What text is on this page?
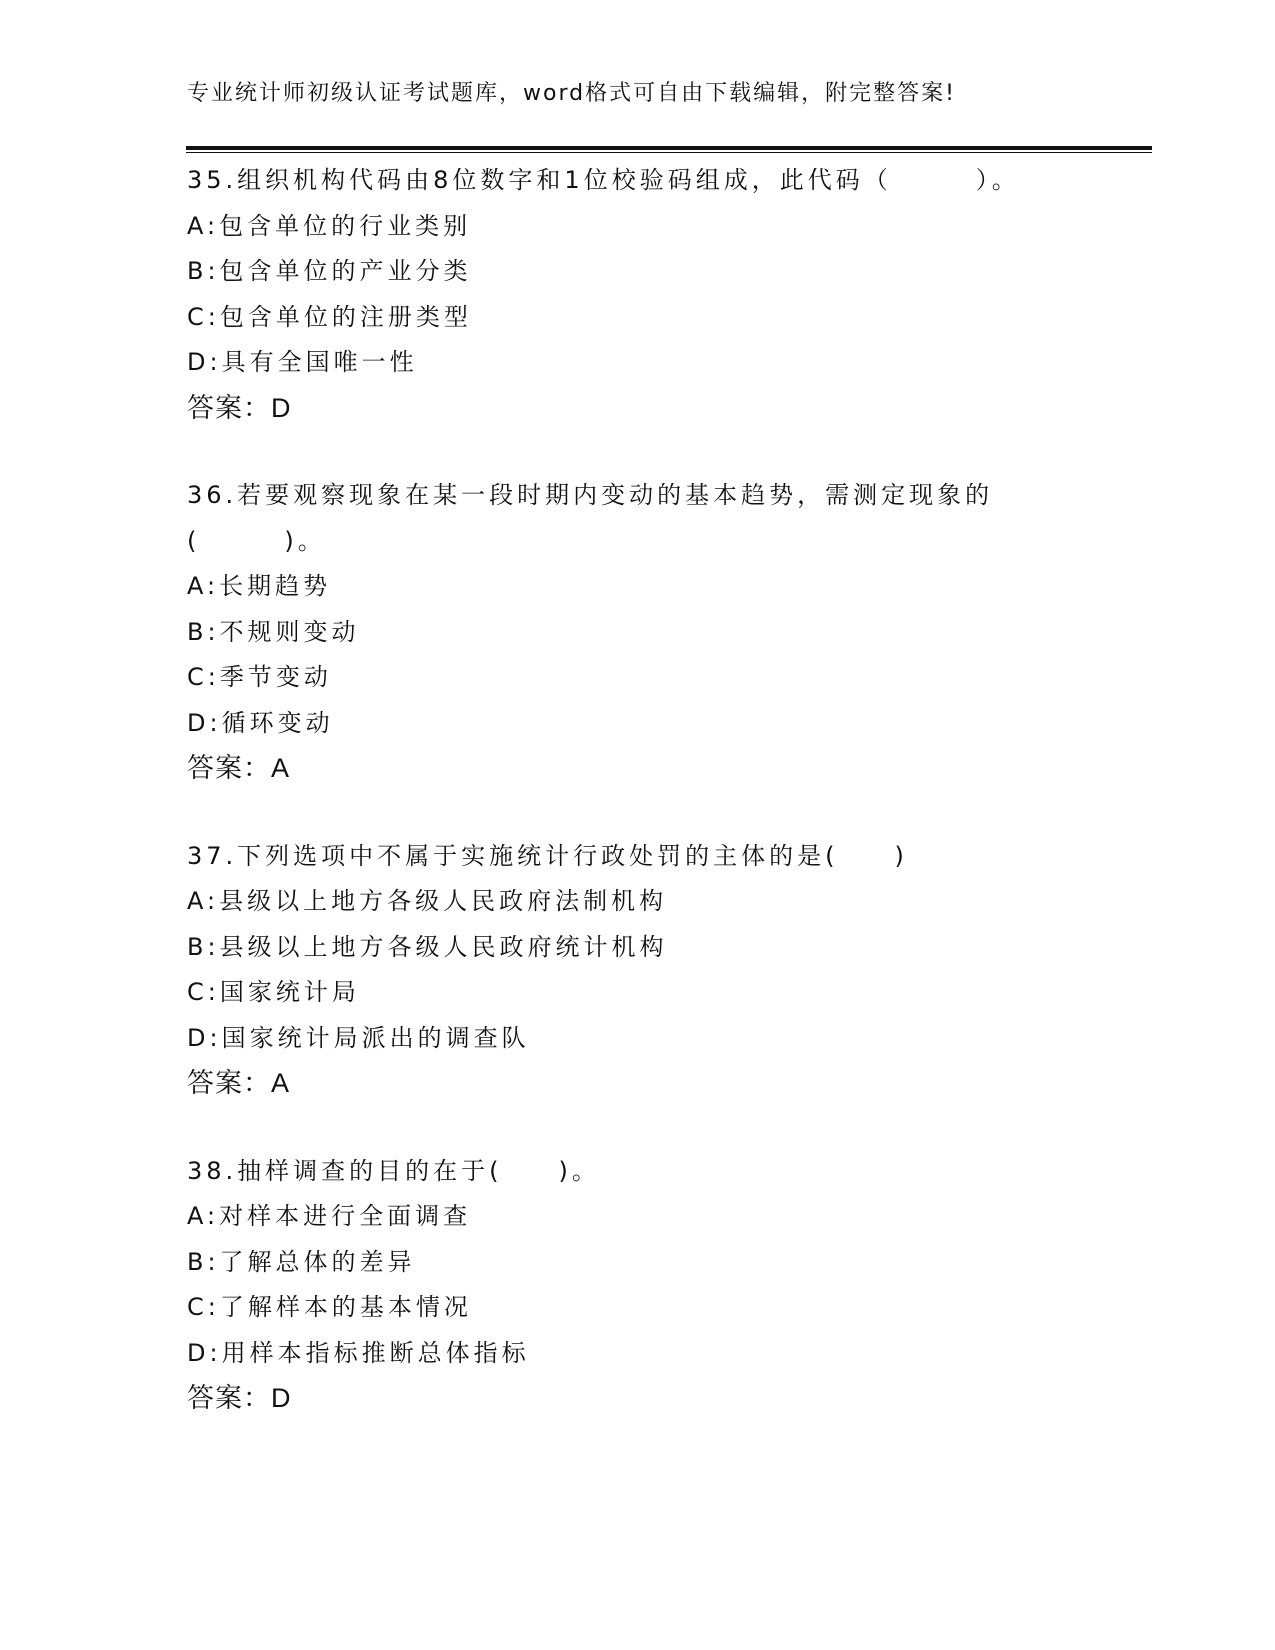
专业统计师初级认证考试题库，word格式可自由下载编辑，附完整答案!
35.组织机构代码由8位数字和1位校验码组成，此代码（　　　）。
A:包含单位的行业类别
B:包含单位的产业分类
C:包含单位的注册类型
D:具有全国唯一性
答案：D
36.若要观察现象在某一段时期内变动的基本趋势，需测定现象的
(　　　)。
A:长期趋势
B:不规则变动
C:季节变动
D:循环变动
答案：A
37.下列选项中不属于实施统计行政处罚的主体的是(　　)
A:县级以上地方各级人民政府法制机构
B:县级以上地方各级人民政府统计机构
C:国家统计局
D:国家统计局派出的调查队
答案：A
38.抽样调查的目的在于(　　)。
A:对样本进行全面调查
B:了解总体的差异
C:了解样本的基本情况
D:用样本指标推断总体指标
答案：D
